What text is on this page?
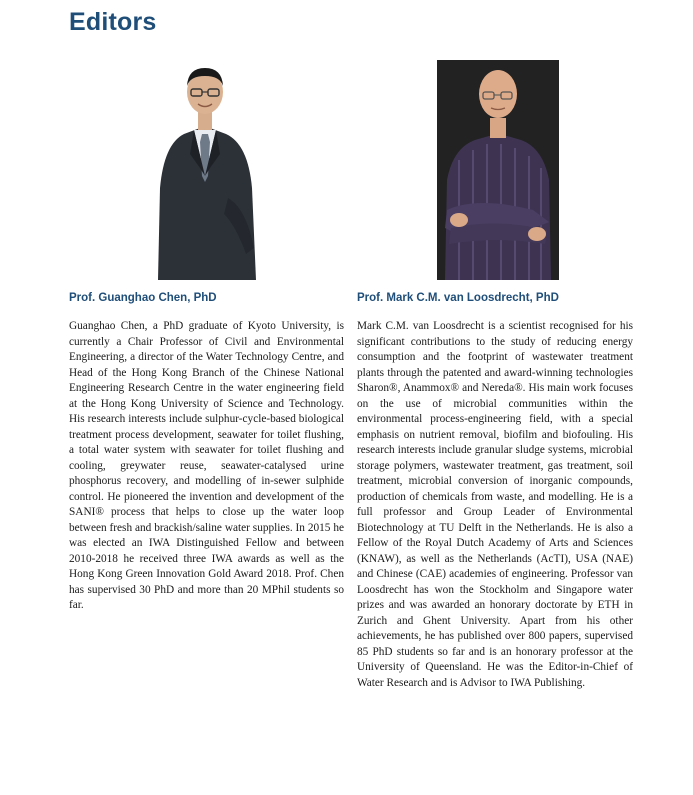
Editors
Prof. Guanghao Chen, PhD	Prof. Mark C.M. van Loosdrecht, PhD

Guanghao Chen, a PhD graduate of Kyoto University, is currently a Chair Professor of Civil and Environmental Engineering, a director of the Water Technology Centre, and Head of the Hong Kong Branch of the Chinese National Engineering Research Centre in the water engineering field at the Hong Kong University of Science and Technology. His research interests include sulphur-cycle-based biological treatment process development, seawater for toilet flushing, a total water system with seawater for toilet flushing and cooling, greywater reuse, seawater-catalysed urine phosphorus recovery, and modelling of in-sewer sulphide control. He pioneered the invention and development of the SANI® process that helps to close up the water loop between fresh and brackish/saline water supplies. In 2015 he was elected an IWA Distinguished Fellow and between 2010-2018 he received three IWA awards as well as the Hong Kong Green Innovation Gold Award 2018. Prof. Chen has supervised 30 PhD and more than 20 MPhil students so far.

Mark C.M. van Loosdrecht is a scientist recognised for his significant contributions to the study of reducing energy consumption and the footprint of wastewater treatment plants through the patented and award-winning technologies Sharon®, Anammox® and Nereda®. His main work focuses on the use of microbial communities within the environmental process-engineering field, with a special emphasis on nutrient removal, biofilm and biofouling. His research interests include granular sludge systems, microbial storage polymers, wastewater treatment, gas treatment, soil treatment, microbial conversion of inorganic compounds, production of chemicals from waste, and modelling. He is a full professor and Group Leader of Environmental Biotechnology at TU Delft in the Netherlands. He is also a Fellow of the Royal Dutch Academy of Arts and Sciences (KNAW), as well as the Netherlands (AcTI), USA (NAE) and Chinese (CAE) academies of engineering. Professor van Loosdrecht has won the Stockholm and Singapore water prizes and was awarded an honorary doctorate by ETH in Zurich and Ghent University. Apart from his other achievements, he has published over 800 papers, supervised 85 PhD students so far and is an honorary professor at the University of Queensland. He was the Editor-in-Chief of Water Research and is Advisor to IWA Publishing.
